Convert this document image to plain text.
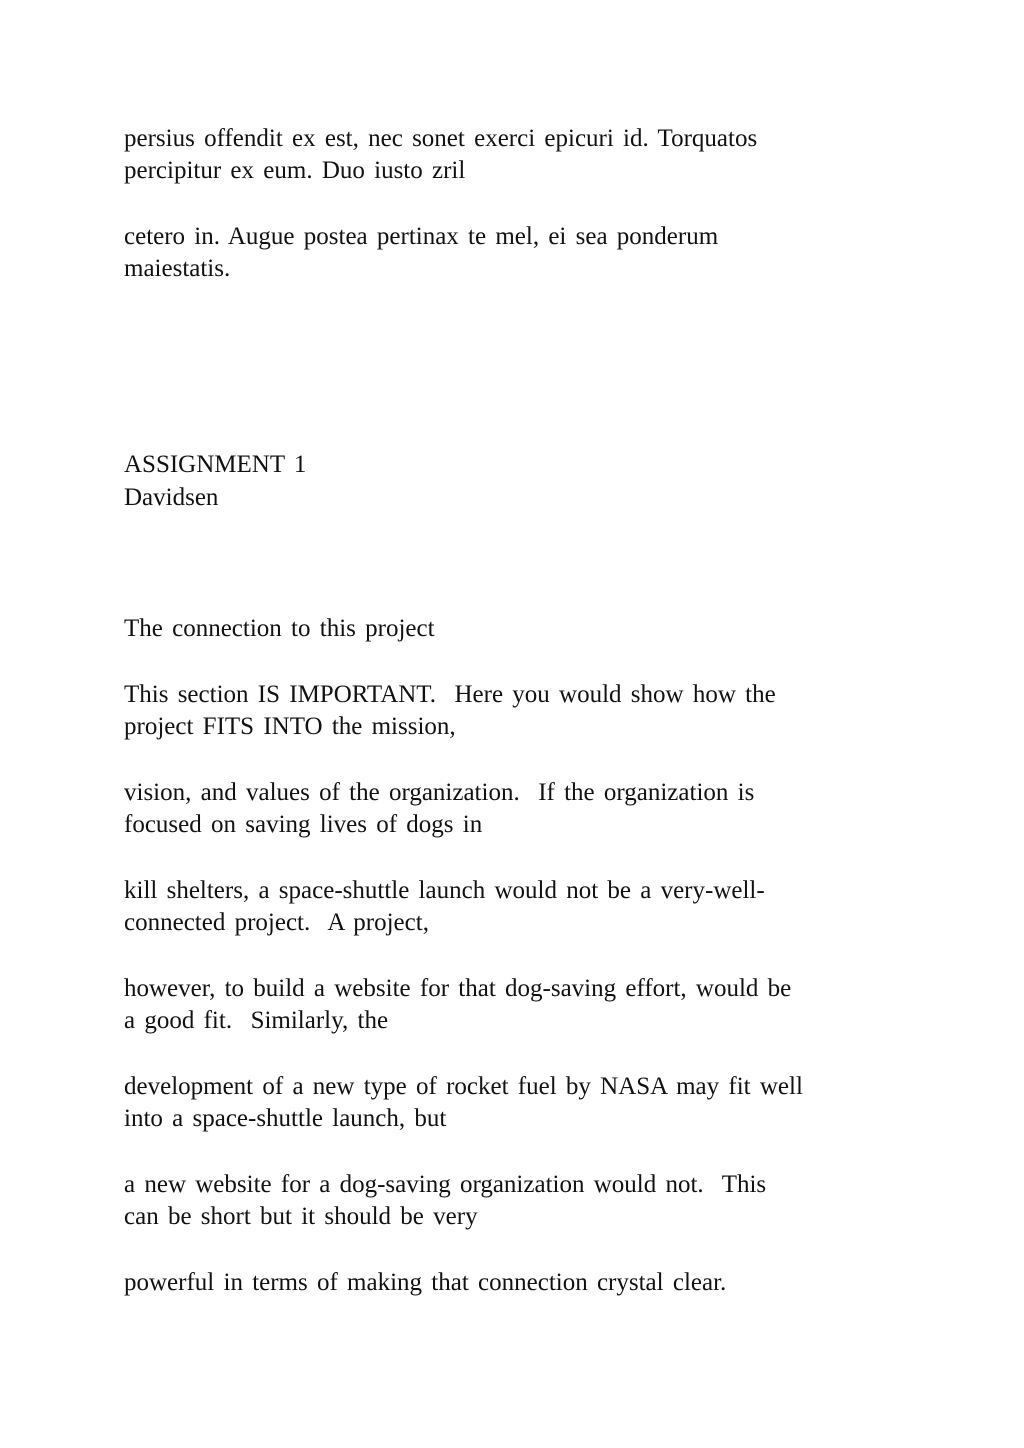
persius offendit ex est, nec sonet exerci epicuri id. Torquatos

percipitur ex eum. Duo iusto zril

cetero in. Augue postea pertinax te mel, ei sea ponderum

maiestatis.

ASSIGNMENT 1

Davidsen

The connection to this project

This section IS IMPORTANT.  Here you would show how the

project FITS INTO the mission,

vision, and values of the organization.  If the organization is

focused on saving lives of dogs in

kill shelters, a space-shuttle launch would not be a very-well-

connected project.  A project,

however, to build a website for that dog-saving effort, would be

a good fit.  Similarly, the

development of a new type of rocket fuel by NASA may fit well

into a space-shuttle launch, but

a new website for a dog-saving organization would not.  This

can be short but it should be very

powerful in terms of making that connection crystal clear.
